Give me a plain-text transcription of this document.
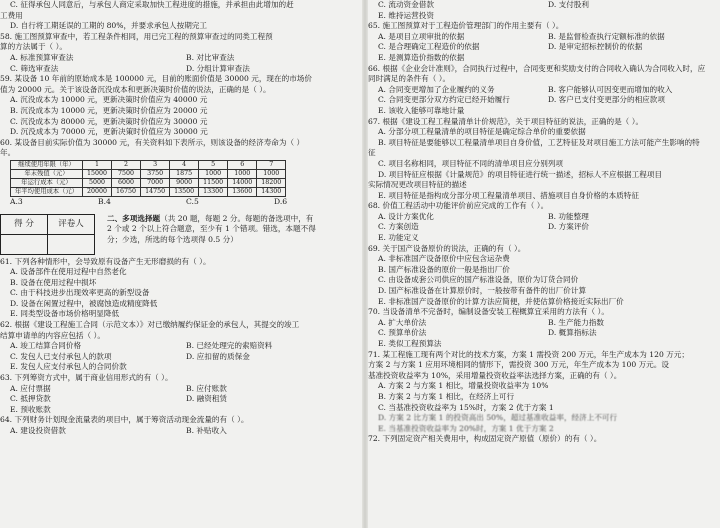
C. 征得承包人同意后，与承包人商定采取加快工程进度的措施，并承担由此增加的赶
工费用
D. 自行将工期延误的工期的 80%，并要求承包人按期完工
58. 施工图预算审查中，若工程条件相同，用已完工程的预算审查过的同类工程预
算的方法属于（ ）。
A. 标准预算审查法	B. 对比审查法
C. 筛选审查法	D. 分组计算审查法
59. 某设备 10 年前的原始成本是 100000 元，目前的账面价值是 30000 元，现在的市场价
值为 20000 元。关于该设备沉没成本和更新决策时价值的说法，正确的是（ ）。
A. 沉没成本为 10000 元，更新决策时价值应为 40000 元
B. 沉没成本为 10000 元，更新决策时价值应为 20000 元
C. 沉没成本为 80000 元，更新决策时价值应为 30000 元
D. 沉没成本为 70000 元，更新决策时价值应为 30000 元
60. 某设备目前实际价值为 30000 元，有关资料如下表所示，则该设备的经济寿命为（ ）
年。
继续使用年限（年）	1	2	3	4	5	6	7
年末残值（元）	15000	7500	3750	1875	1000	1000	1000
年运行成本（元）	5000	6000	7000	9000	11500	14000	18200
年平均使用成本（元）	20000	16750	14750	13500	13300	13600	14300
A.3	B.4	C.5	D.6
得 分	评卷人

二、多项选择题（共 20 题，每题 2 分。每题的备选项中，有 2 个或 2 个以上符合题意，至少有 1 个错项。错选，本题不得分；少选，所选的每个选项得 0.5 分）
61. 下列各种情形中，会导致原有设备产生无形磨损的有（ ）。
A. 设备部件在使用过程中自然老化
B. 设备在使用过程中损坏
C. 由于科技进步出现效率更高的新型设备
D. 设备在闲置过程中，被腐蚀造成精度降低
E. 同类型设备市场价格明显降低
62. 根据《建设工程施工合同（示范文本）》对已缴纳履约保证金的承包人，其提交的竣工
结算申请单的内容应包括（ ）。
A. 竣工结算合同价格	B. 已经处理完的索赔资料
C. 发包人已支付承包人的款项	D. 应扣留的质保金
E. 发包人应支付承包人的合同价款
63. 下列筹资方式中，属于商业信用形式的有（ ）。
A. 应付票据	B. 应付账款
C. 抵押贷款	D. 融资租赁
E. 预收账款
64. 下列财务计划现金流量表的项目中，属于筹资活动现金流量的有（ ）。
A. 建设投资借款	B. 补贴收入
C. 流动资金借款	D. 支付股利
E. 维持运营投资
65. 施工图预算对于工程造价管理部门的作用主要有（ ）。
A. 是项目立项审批的依据	B. 是监督检查执行定额标准的依据
C. 是合理确定工程造价的依据	D. 是审定招标控制价的依据
E. 是测算造价指数的依据
66. 根据《企业会计准则》，合同执行过程中，合同变更和奖励支付的合同收入确认为合同收入时，应
同时满足的条件有（ ）。
A. 合同变更增加了企业履约的义务	B. 客户能够认可因变更而增加的收入
C. 合同变更部分双方约定已经开始履行	D. 客户已支付变更部分的相应款项
E. 该收入能够可靠地计量
67. 根据《建设工程工程量清单计价规范》，关于项目特征的说法，正确的是（ ）。
A. 分部分项工程量清单的项目特征是确定综合单价的重要依据
B. 项目特征是要能够以工程量清单项目自身价值，工艺特征及对项目施工方法可能产生影响的特
征
C. 项目名称相同，项目特征不同的清单项目应分别列项
D. 项目特征应根据《计量规范》的项目特征进行统一描述，招标人不应根据工程项目
实际情况更改项目特征的描述
E. 项目特征是指构成分部分项工程量清单项目、措施项目自身价格的本质特征
68. 价值工程活动中功能评价前应完成的工作有（ ）。
A. 设计方案优化	B. 功能整理
C. 方案创造	D. 方案评价
E. 功能定义
69. 关于国产设备原价的说法，正确的有（ ）。
A. 非标准国产设备原价中应包含运杂费
B. 国产标准设备的原价一般是指出厂价
C. 由设备成套公司供应的国产标准设备，原价为订货合同价
D. 国产标准设备在计算原价时，一般按带有备件的出厂价计算
E. 非标准国产设备原价的计算方法应简便，并使估算价格接近实际出厂价
70. 当设备清单不完备时，编制设备安装工程概算宜采用的方法有（ ）。
A. 扩大单价法	B. 生产能力指数
C. 预算单价法	D. 概算指标法
E. 类似工程预算法
71. 某工程施工现有两个对比的技术方案，方案 1 需投资 200 万元，年生产成本为 120 万元；
方案 2 与方案 1 应用环境相同的情形下，需投资 300 万元，年生产成本为 100 万元。设
基准投资收益率为 10%，采用增量投资收益率法选择方案，正确的有（ ）。
A. 方案 2 与方案 1 相比，增量投资收益率为 10%
B. 方案 2 与方案 1 相比，在经济上可行
C. 当基准投资收益率为 15%时，方案 2 优于方案 1
D. 方案 2 比方案 1 的投资高出 50%，超过基准收益率，经济上不可行
E. 当基准投资收益率为 20%时，方案 1 优于方案 2
72. 下列固定资产相关费用中，构成固定资产原值（原价）的有（ ）。
